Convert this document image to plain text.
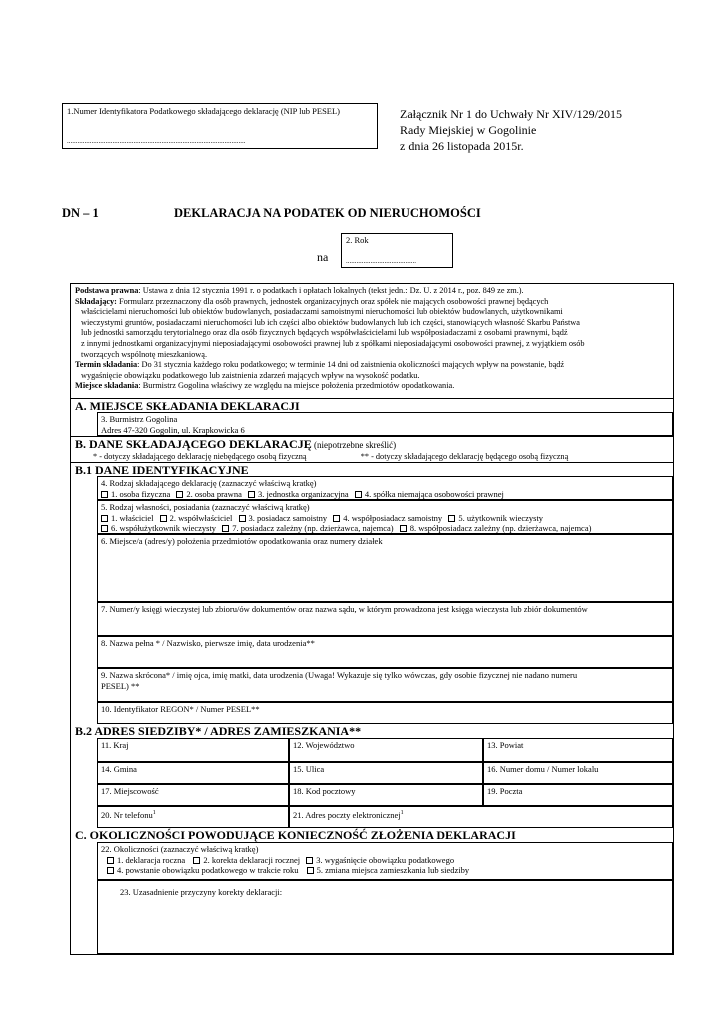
1.Numer Identyfikatora Podatkowego składającego deklarację (NIP lub PESEL)
......................................................................................................
Załącznik Nr 1 do Uchwały Nr XIV/129/2015
Rady Miejskiej w Gogolinie
z dnia 26 listopada 2015r.
DN – 1	DEKLARACJA NA PODATEK OD NIERUCHOMOŚCI
na
2. Rok
........................................
Podstawa prawna: Ustawa z dnia 12 stycznia 1991 r. o podatkach i opłatach lokalnych (tekst jedn.: Dz. U. z 2014 r., poz. 849 ze zm.).
Składający: Formularz przeznaczony dla osób prawnych, jednostek organizacyjnych oraz spółek nie mających osobowości prawnej będących
właścicielami nieruchomości lub obiektów budowlanych, posiadaczami samoistnymi nieruchomości lub obiektów budowlanych, użytkownikami
wieczystymi gruntów, posiadaczami nieruchomości lub ich części albo obiektów budowlanych lub ich części, stanowiących własność Skarbu Państwa
lub jednostki samorządu terytorialnego oraz dla osób fizycznych będących współwłaścicielami lub współposiadaczami z osobami prawnymi, bądź
z innymi jednostkami organizacyjnymi nieposiadającymi osobowości prawnej lub z spółkami nieposiadającymi osobowości prawnej, z wyjątkiem osób
tworzących wspólnotę mieszkaniową.
Termin składania: Do 31 stycznia każdego roku podatkowego; w terminie 14 dni od zaistnienia okoliczności mających wpływ na powstanie, bądź
wygaśnięcie obowiązku podatkowego lub zaistnienia zdarzeń mających wpływ na wysokość podatku.
Miejsce składania: Burmistrz Gogolina właściwy ze względu na miejsce położenia przedmiotów opodatkowania.
A. MIEJSCE SKŁADANIA DEKLARACJI
3. Burmistrz Gogolina
Adres 47-320 Gogolin, ul. Krapkowicka 6
B. DANE SKŁADAJĄCEGO DEKLARACJĘ (niepotrzebne skreślić)
* - dotyczy składającego deklarację niebędącego osobą fizyczną	** - dotyczy składającego deklarację będącego osobą fizyczną
B.1 DANE IDENTYFIKACYJNE
4. Rodzaj składającego deklarację (zaznaczyć właściwą kratkę)
1. osoba fizyczna 2. osoba prawna 3. jednostka organizacyjna 4. spółka niemająca osobowości prawnej
5. Rodzaj własności, posiadania (zaznaczyć właściwą kratkę)
1. właściciel 2. współwłaściciel 3. posiadacz samoistny 4. współposiadacz samoistny 5. użytkownik wieczysty
6. współużytkownik wieczysty 7. posiadacz zależny (np. dzierżawca, najemca) 8. współposiadacz zależny (np. dzierżawca, najemca)
6. Miejsce/a (adres/y) położenia przedmiotów opodatkowania oraz numery działek
7. Numer/y księgi wieczystej lub zbioru/ów dokumentów oraz nazwa sądu, w którym prowadzona jest księga wieczysta lub zbiór dokumentów
8. Nazwa pełna * / Nazwisko, pierwsze imię, data urodzenia**
9. Nazwa skrócona* / imię ojca, imię matki, data urodzenia (Uwaga! Wykazuje się tylko wówczas, gdy osobie fizycznej nie nadano numeru
PESEL) **
10. Identyfikator REGON* / Numer PESEL**
B.2 ADRES SIEDZIBY* / ADRES ZAMIESZKANIA**
11. Kraj	12. Województwo	13. Powiat
14. Gmina	15. Ulica	16. Numer domu / Numer lokalu
17. Miejscowość	18. Kod pocztowy	19. Poczta
20. Nr telefonu$^1$	21. Adres poczty elektronicznej$^1$
C. OKOLICZNOŚCI POWODUJĄCE KONIECZNOŚĆ ZŁOŻENIA DEKLARACJI
22. Okoliczności (zaznaczyć właściwą kratkę)
1. deklaracja roczna 2. korekta deklaracji rocznej 3. wygaśnięcie obowiązku podatkowego
4. powstanie obowiązku podatkowego w trakcie roku 5. zmiana miejsca zamieszkania lub siedziby
23. Uzasadnienie przyczyny korekty deklaracji:
